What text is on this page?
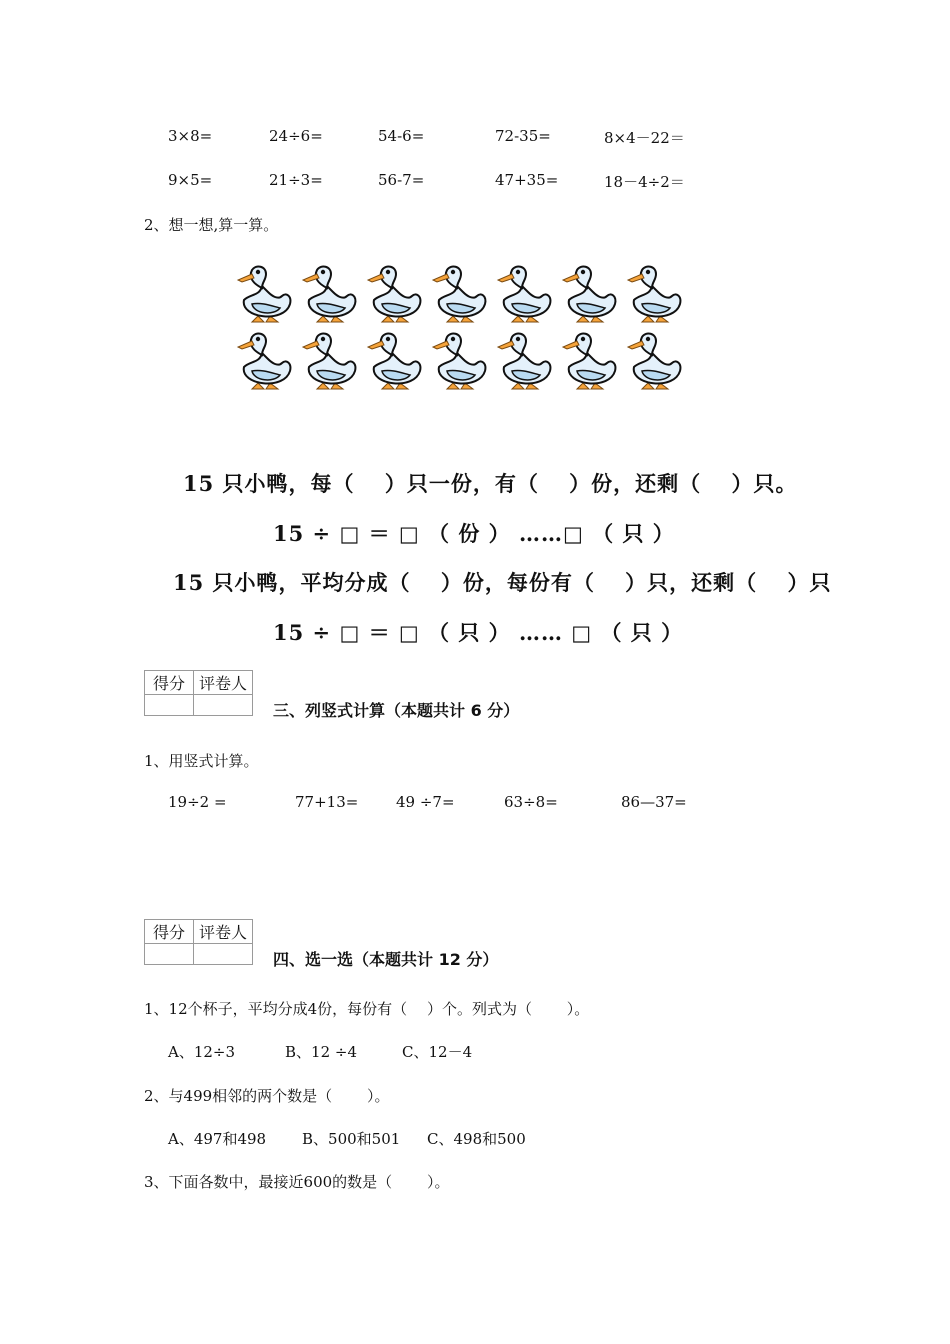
3×8=	24÷6=	54-6=	72-35=	8×4－22＝
9×5=	21÷3=	56-7=	47+35=	18－4÷2＝
2、想一想,算一算。
15 只小鸭，每（　 ）只一份，有（　 ）份，还剩（　 ）只。
15 ÷ □ ＝ □ （ 份 ） ……□ （ 只 ）
15 只小鸭，平均分成（　 ）份，每份有（　 ）只，还剩（　 ）只
15 ÷ □ ＝ □ （ 只 ） …… □ （ 只 ）
得分	评卷人

三、列竖式计算（本题共计 6 分）
1、用竖式计算。
19÷2 =	77+13=	49 ÷7=	63÷8=	86—37=
得分	评卷人

四、选一选（本题共计 12 分）
1、12个杯子，平均分成4份，每份有（　 ）个。列式为（　　 ）。
A、12÷3	B、12 ÷4	C、12－4
2、与499相邻的两个数是（　　 ）。
A、497和498 B、500和501 C、498和500
3、下面各数中，最接近600的数是（　　 ）。
